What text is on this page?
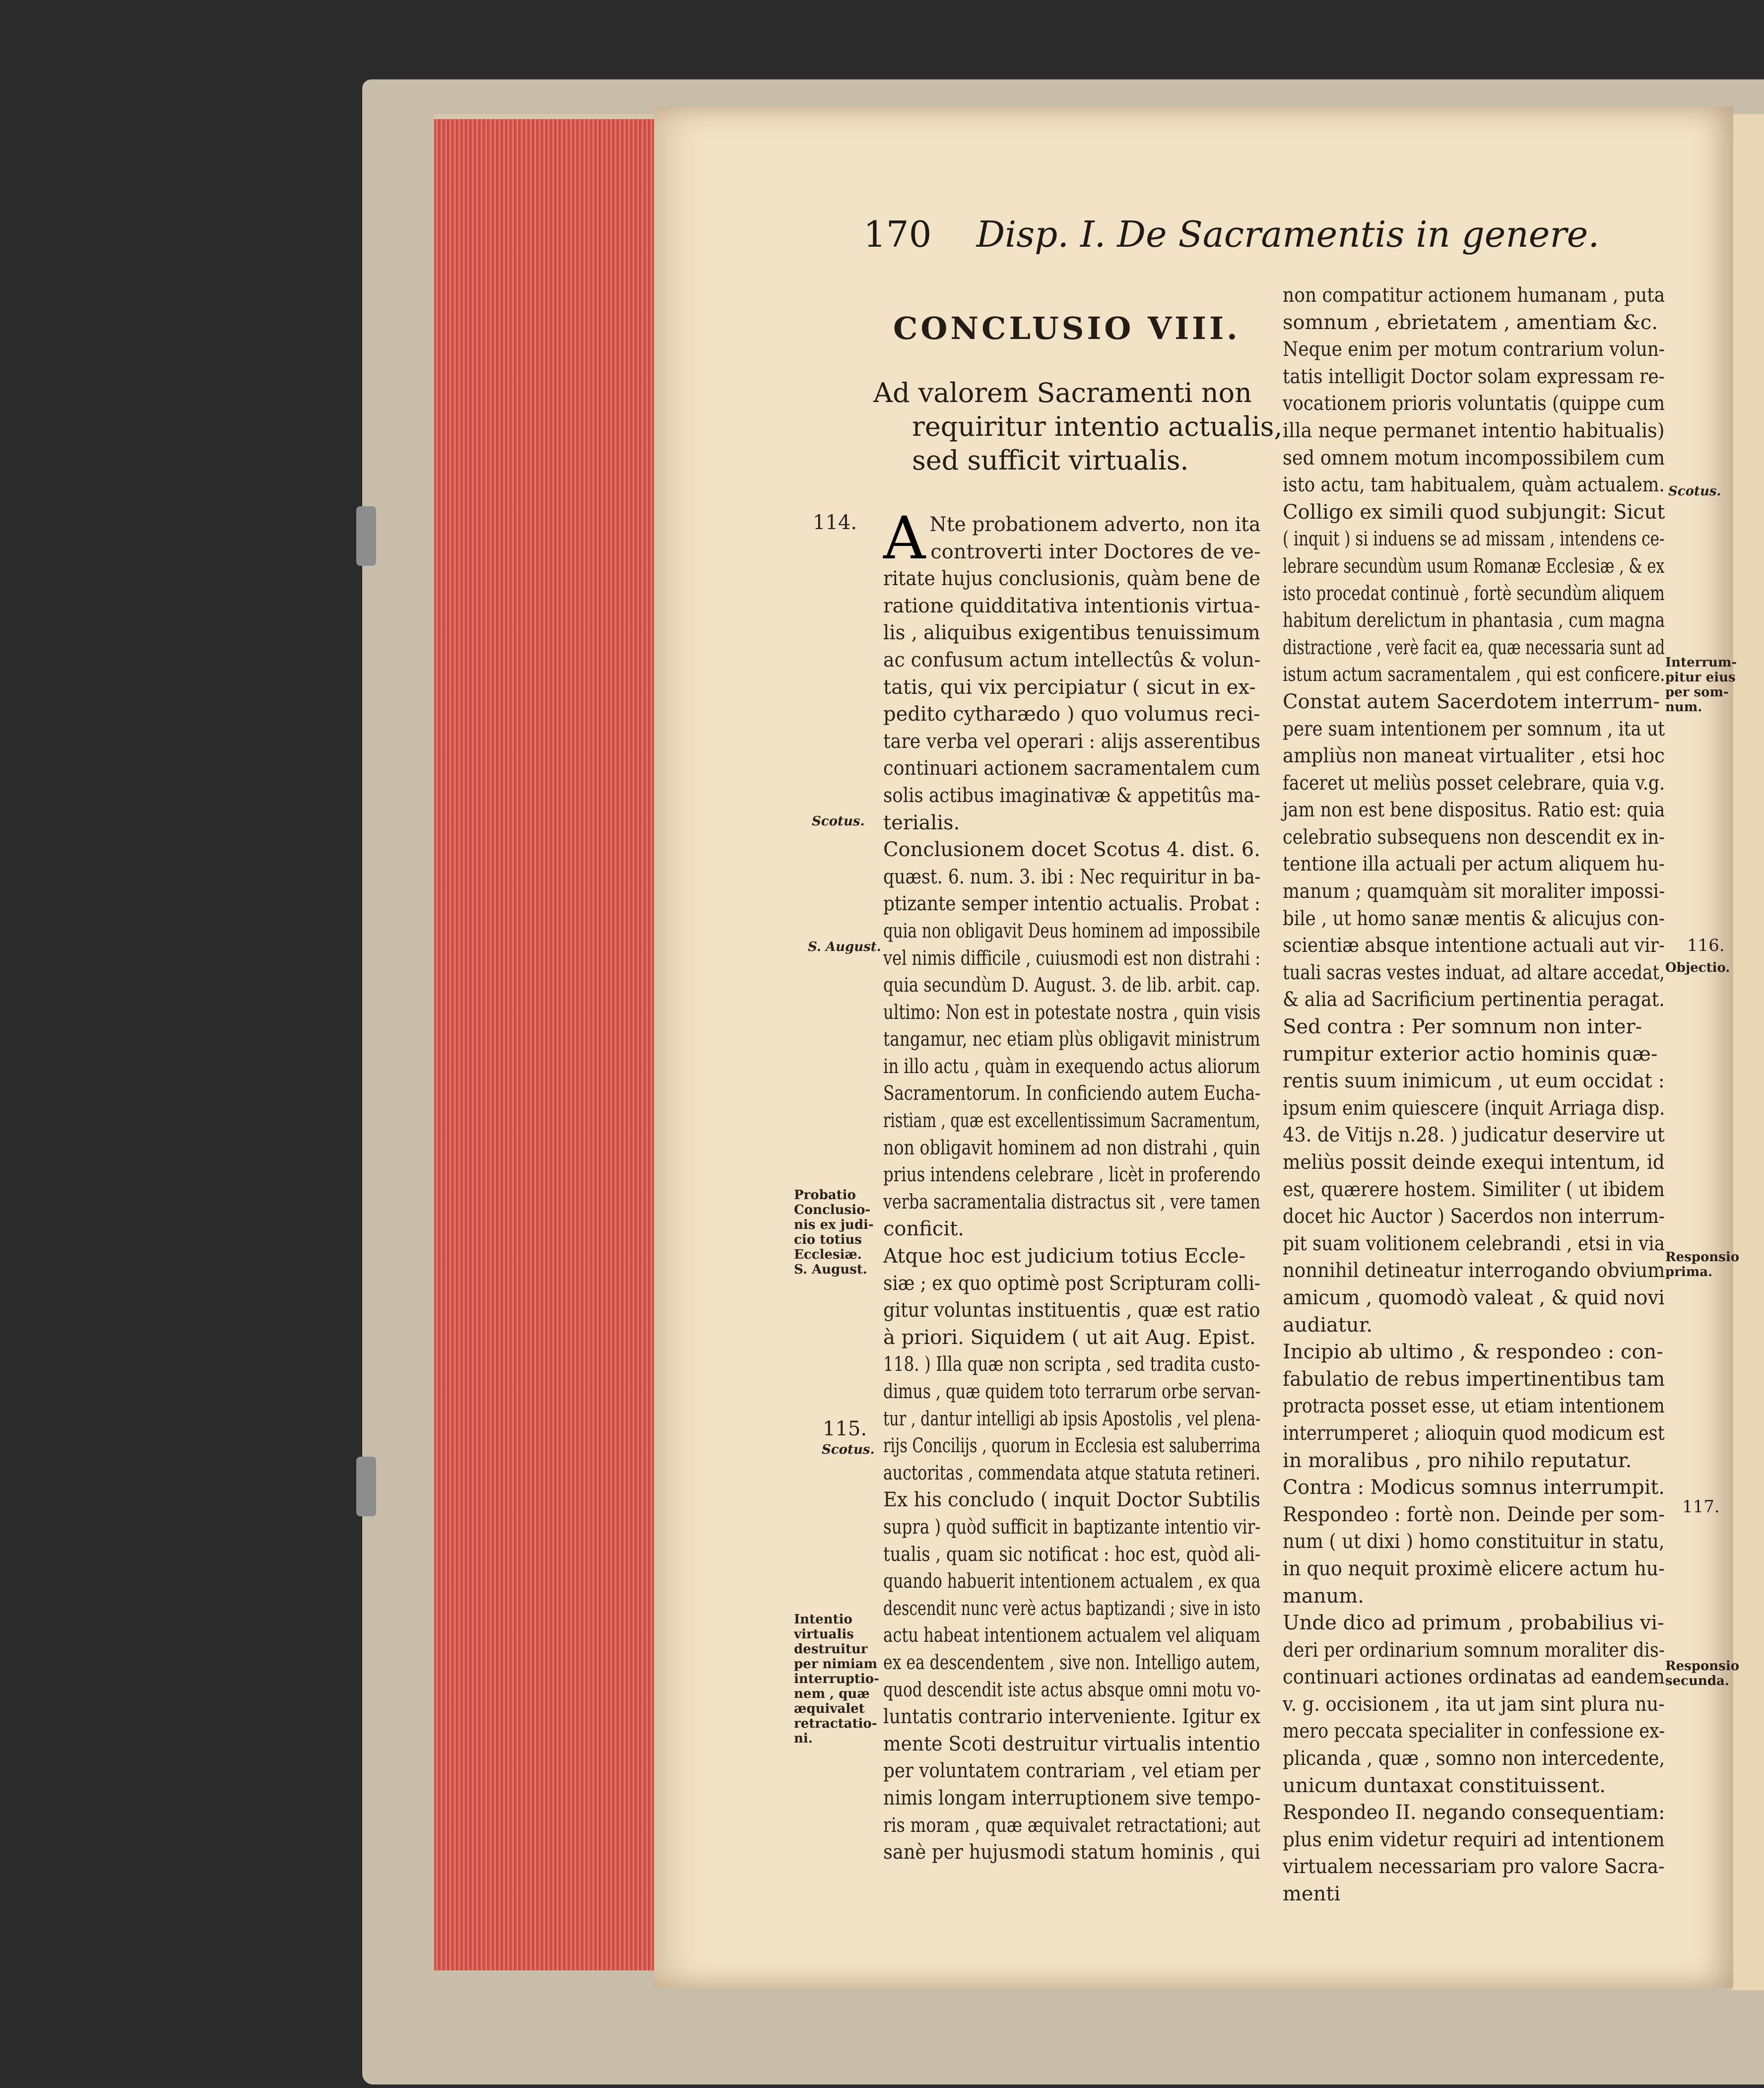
170 Disp. I. De Sacramentis in genere.
CONCLUSIO VIII.
Ad valorem Sacramenti non
requiritur intentio actualis,
sed sufficit virtualis.
A Nte probationem adverto, non ita
controverti inter Doctores de ve-
ritate hujus conclusionis, quàm bene de
ratione quidditativa intentionis virtua-
lis , aliquibus exigentibus tenuissimum
ac confusum actum intellectûs & volun-
tatis, qui vix percipiatur ( sicut in ex-
pedito cytharædo ) quo volumus reci-
tare verba vel operari : alijs asserentibus
continuari actionem sacramentalem cum
solis actibus imaginativæ & appetitûs ma-
terialis.
Conclusionem docet Scotus 4. dist. 6.
quæst. 6. num. 3. ibi : Nec requiritur in ba-
ptizante semper intentio actualis. Probat :
quia non obligavit Deus hominem ad impossibile
vel nimis difficile , cuiusmodi est non distrahi :
quia secundùm D. August. 3. de lib. arbit. cap.
ultimo: Non est in potestate nostra , quin visis
tangamur, nec etiam plùs obligavit ministrum
in illo actu , quàm in exequendo actus aliorum
Sacramentorum. In conficiendo autem Eucha-
ristiam , quæ est excellentissimum Sacramentum,
non obligavit hominem ad non distrahi , quin
prius intendens celebrare , licèt in proferendo
verba sacramentalia distractus sit , vere tamen
conficit.
Atque hoc est judicium totius Eccle-
siæ ; ex quo optimè post Scripturam colli-
gitur voluntas instituentis , quæ est ratio
à priori. Siquidem ( ut ait Aug. Epist.
118. ) Illa quæ non scripta , sed tradita custo-
dimus , quæ quidem toto terrarum orbe servan-
tur , dantur intelligi ab ipsis Apostolis , vel plena-
rijs Concilijs , quorum in Ecclesia est saluberrima
auctoritas , commendata atque statuta retineri.
Ex his concludo ( inquit Doctor Subtilis
supra ) quòd sufficit in baptizante intentio vir-
tualis , quam sic notificat : hoc est, quòd ali-
quando habuerit intentionem actualem , ex qua
descendit nunc verè actus baptizandi ; sive in isto
actu habeat intentionem actualem vel aliquam
ex ea descendentem , sive non. Intelligo autem,
quod descendit iste actus absque omni motu vo-
luntatis contrario interveniente. Igitur ex
mente Scoti destruitur virtualis intentio
per voluntatem contrariam , vel etiam per
nimis longam interruptionem sive tempo-
ris moram , quæ æquivalet retractationi; aut
sanè per hujusmodi statum hominis , qui
non compatitur actionem humanam , puta
somnum , ebrietatem , amentiam &c.
Neque enim per motum contrarium volun-
tatis intelligit Doctor solam expressam re-
vocationem prioris voluntatis (quippe cum
illa neque permanet intentio habitualis)
sed omnem motum incompossibilem cum
isto actu, tam habitualem, quàm actualem.
Colligo ex simili quod subjungit: Sicut
( inquit ) si induens se ad missam , intendens ce-
lebrare secundùm usum Romanæ Ecclesiæ , & ex
isto procedat continuè , fortè secundùm aliquem
habitum derelictum in phantasia , cum magna
distractione , verè facit ea, quæ necessaria sunt ad
istum actum sacramentalem , qui est conficere.
Constat autem Sacerdotem interrum-
pere suam intentionem per somnum , ita ut
ampliùs non maneat virtualiter , etsi hoc
faceret ut meliùs posset celebrare, quia v.g.
jam non est bene dispositus. Ratio est: quia
celebratio subsequens non descendit ex in-
tentione illa actuali per actum aliquem hu-
manum ; quamquàm sit moraliter impossi-
bile , ut homo sanæ mentis & alicujus con-
scientiæ absque intentione actuali aut vir-
tuali sacras vestes induat, ad altare accedat,
& alia ad Sacrificium pertinentia peragat.
Sed contra : Per somnum non inter-
rumpitur exterior actio hominis quæ-
rentis suum inimicum , ut eum occidat :
ipsum enim quiescere (inquit Arriaga disp.
43. de Vitijs n.28. ) judicatur deservire ut
meliùs possit deinde exequi intentum, id
est, quærere hostem. Similiter ( ut ibidem
docet hic Auctor ) Sacerdos non interrum-
pit suam volitionem celebrandi , etsi in via
nonnihil detineatur interrogando obvium
amicum , quomodò valeat , & quid novi
audiatur.
Incipio ab ultimo , & respondeo : con-
fabulatio de rebus impertinentibus tam
protracta posset esse, ut etiam intentionem
interrumperet ; alioquin quod modicum est
in moralibus , pro nihilo reputatur.
Contra : Modicus somnus interrumpit.
Respondeo : fortè non. Deinde per som-
num ( ut dixi ) homo constituitur in statu,
in quo nequit proximè elicere actum hu-
manum.
Unde dico ad primum , probabilius vi-
deri per ordinarium somnum moraliter dis-
continuari actiones ordinatas ad eandem
v. g. occisionem , ita ut jam sint plura nu-
mero peccata specialiter in confessione ex-
plicanda , quæ , somno non intercedente,
unicum duntaxat constituissent.
Respondeo II. negando consequentiam:
plus enim videtur requiri ad intentionem
virtualem necessariam pro valore Sacra-
menti
114.
Scotus.
S. August.
Probatio
Conclusio-
nis ex judi-
cio totius
Ecclesiæ.
S. August.
115.
Scotus.
Intentio
virtualis
destruitur
per nimiam
interruptio-
nem , quæ
æquivalet
retractatio-
ni.
Scotus.
Interrum-
pitur eius
per som-
num.
116.
Objectio.
Responsio
prima.
117.
Responsio
secunda.
